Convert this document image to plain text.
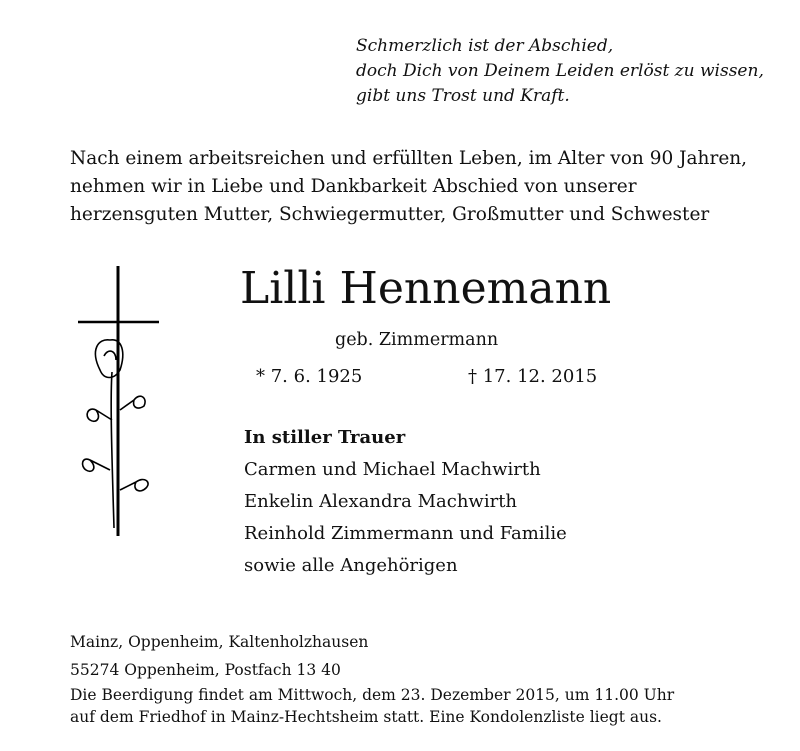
Schmerzlich ist der Abschied,
doch Dich von Deinem Leiden erlöst zu wissen,
gibt uns Trost und Kraft.
Nach einem arbeitsreichen und erfüllten Leben, im Alter von 90 Jahren,
nehmen wir in Liebe und Dankbarkeit Abschied von unserer
herzensguten Mutter, Schwiegermutter, Großmutter und Schwester
Lilli Hennemann
geb. Zimmermann
* 7. 6. 1925	† 17. 12. 2015
In stiller Trauer
Carmen und Michael Machwirth
Enkelin Alexandra Machwirth
Reinhold Zimmermann und Familie
sowie alle Angehörigen
Mainz, Oppenheim, Kaltenholzhausen
55274 Oppenheim, Postfach 13 40
Die Beerdigung findet am Mittwoch, dem 23. Dezember 2015, um 11.00 Uhr
auf dem Friedhof in Mainz-Hechtsheim statt. Eine Kondolenzliste liegt aus.
